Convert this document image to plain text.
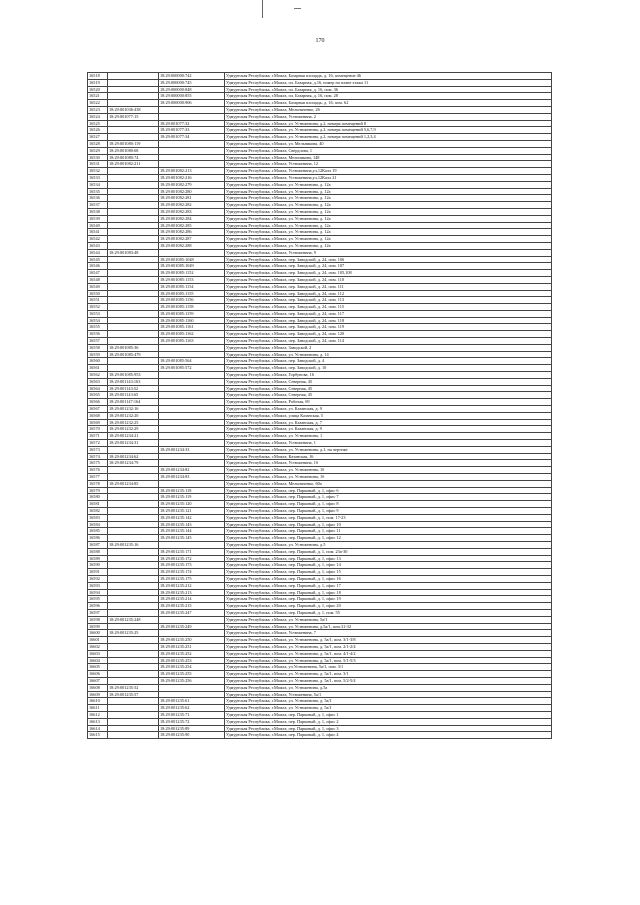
170
16518		18:29:000000:742	Удмуртская Республика, г.Можга, Базарная площадь, д. 16, помещение 46
16519		18:29:000000:745	Удмуртская Республика, г.Можга, пл. Базарная, д.16, номер на плане этажа 11
16520		18:29:000000:848	Удмуртская Республика, г.Можга, пл. Базарная, д. 16, пом. 36
16521		18:29:000000:855	Удмуртская Республика, г.Можга, пл. Базарная, д. 16, пом. 28
16522		18:29:000000:906	Удмуртская Республика, г.Можга, Базарная площадь, д. 16, пом. 62
16523	18:29:001036:438		Удмуртская Республика, г.Можга, Мельниченко, 26
16524	18:29:001077:15		Удмуртская Республика, г.Можга, Устюженина, 2
16525		18:29:001077:32	Удмуртская Республика, г.Можга, ул. Устюженина, д.2, номера помещений 8
16526		18:29:001077:33	Удмуртская Республика, г.Можга, ул. Устюженина, д.2, номера помещений 5,6,7,9
16527		18:29:001077:34	Удмуртская Республика, г.Можга, ул. Устюженина, д.2, номера помещений 1,2,3,4
16528	18:29:001080:119		Удмуртская Республика, г.Можга, ул. Мельникова, 40
16529	18:29:001080:68		Удмуртская Республика, г.Можга, Свердлова, 1
16530	18:29:001080:74		Удмуртская Республика, г.Можга, Мельникова, 148
16531	18:29:001082:211		Удмуртская Республика, г.Можга, Устюженина, 12
16532		18:29:001082:213	Удмуртская Республика, г.Можга, Устюженина,ул,12Калл 19
16533		18:29:001082:216	Удмуртская Республика, г.Можга, Устюженина,ул,12Калл 21
16534		18:29:001082:279	Удмуртская Республика, г.Можга, ул. Устюженина, д. 12а
16535		18:29:001082:280	Удмуртская Республика, г.Можга, ул. Устюженина, д. 12а
16536		18:29:001082:281	Удмуртская Республика, г.Можга, ул. Устюженина, д. 12а
16537		18:29:001082:282	Удмуртская Республика, г.Можга, ул. Устюженина, д. 12а
16538		18:29:001082:283	Удмуртская Республика, г.Можга, ул. Устюженина, д. 12а
16539		18:29:001082:284	Удмуртская Республика, г.Можга, ул. Устюженина, д. 12а
16540		18:29:001082:285	Удмуртская Республика, г.Можга, ул. Устюженина, д. 12а
16541		18:29:001082:286	Удмуртская Республика, г.Можга, ул. Устюженина, д. 12а
16542		18:29:001082:287	Удмуртская Республика, г.Можга, ул. Устюженина, д. 12а
16543		18:29:001082:288	Удмуртская Республика, г.Можга, ул. Устюженина, д. 12а
16544	18:29:001083:48		Удмуртская Республика, г.Можга, Устюженина, 9
16545		18:29:001085:1048	Удмуртская Республика, г.Можга, пер. Заводской, д. 24, пом. 106
16546		18:29:001085:1049	Удмуртская Республика, г.Можга, пер. Заводской, д. 24, пом. 107
16547		18:29:001085:1152	Удмуртская Республика, г.Можга, пер. Заводской, д. 24, пом. 105,108
16548		18:29:001085:1153	Удмуртская Республика, г.Можга, пер. Заводской, д. 24, пом. 110
16549		18:29:001085:1154	Удмуртская Республика, г.Можга, пер. Заводской, д. 24, пом. 111
16550		18:29:001085:1155	Удмуртская Республика, г.Можга, пер. Заводской, д. 24, пом. 112
16551		18:29:001085:1156	Удмуртская Республика, г.Можга, пер. Заводской, д. 24, пом. 113
16552		18:29:001085:1158	Удмуртская Республика, г.Можга, пер. Заводской, д. 24, пом. 115
16553		18:29:001085:1159	Удмуртская Республика, г.Можга, пер. Заводской, д. 24, пом. 117
16554		18:29:001085:1160	Удмуртская Республика, г.Можга, пер. Заводской, д. 24, пом. 118
16555		18:29:001085:1161	Удмуртская Республика, г.Можга, пер. Заводской, д. 24, пом. 119
16556		18:29:001085:1162	Удмуртская Республика, г.Можга, пер. Заводской, д. 24, пом. 120
16557		18:29:001085:1163	Удмуртская Республика, г.Можга, пер. Заводской, д. 24, пом. 114
16558	18:29:001085:36		Удмуртская Республика, г.Можга, Заводской, 2
16559	18:29:001085:479		Удмуртская Республика, г.Можга, ул. Устюженина, д. 14
16560		18:29:001085:564	Удмуртская Республика, г.Можга, пер. Заводской, д. 4
16561		18:29:001085:572	Удмуртская Республика, г.Можга, пер. Заводской, д. 10
16562	18:29:001085:953		Удмуртская Республика, г.Можга, Горбунова, 16
16563	18:29:001143:163		Удмуртская Республика, г.Можга, Северная, 45
16564	18:29:001143:52		Удмуртская Республика, г.Можга, Северная, 45
16565	18:29:001143:65		Удмуртская Республика, г.Можга, Северная, 45
16566	18:29:001147:164		Удмуртская Республика, г.Можга, Рабочая, 69
16567	18:29:001232:16		Удмуртская Республика, г.Можга, ул. Казанская, д. 9
16568	18:29:001232:20		Удмуртская Республика, г.Можга, улица Казанская, 5
16569	18:29:001232:25		Удмуртская Республика, г.Можга, ул. Казанская, д. 7
16570	18:29:001232:29		Удмуртская Республика, г.Можга, ул. Казанская, д. 9
16571	18:29:001234:21		Удмуртская Республика, г.Можга, ул. Устюженина, 1
16572	18:29:001234:31		Удмуртская Республика, г.Можга, Устюженина, 1
16573		18:29:001234:33	Удмуртская Республика, г.Можга, ул. Устюженина, д.1, на чертеже
16574	18:29:001234:62		Удмуртская Республика, г.Можга, Казанская, 16
16575	18:29:001234:79		Удмуртская Республика, г.Можга, Устюженина, 1б
16576		18:29:001234:82	Удмуртская Республика, г.Можга, ул. Устюженина, 1б
16577		18:29:001234:83	Удмуртская Республика, г.Можга, ул. Устюженина, 1б
16578	18:29:001234:85		Удмуртская Республика, г.Можга, Мельниченко, 60а
16579		18:29:001235:118	Удмуртская Республика, г.Можга, пер. Парковый, д. 1, офис 6
16580		18:29:001235:119	Удмуртская Республика, г.Можга, пер. Парковый, д. 1, офис 7
16581		18:29:001235:120	Удмуртская Республика, г.Можга, пер. Парковый, д. 1, офис 8
16582		18:29:001235:121	Удмуртская Республика, г.Можга, пер. Парковый, д. 1, офис 9
16583		18:29:001235:142	Удмуртская Республика, г.Можга, пер. Парковый, д. 1, пом. 17-23
16584		18:29:001235:143	Удмуртская Республика, г.Можга, пер. Парковый, д. 1, офис 10
16585		18:29:001235:144	Удмуртская Республика, г.Можга, пер. Парковый, д. 1, офис 11
16586		18:29:001235:145	Удмуртская Республика, г.Можга, пер. Парковый, д. 1, офис 12
16587	18:29:001235:16		Удмуртская Республика, г.Можга, ул. Устюженина, д.5
16588		18:29:001235:171	Удмуртская Республика, г.Можга, пер. Парковый, д. 1, пом. 23а-30
16589		18:29:001235:172	Удмуртская Республика, г.Можга, пер. Парковый, д. 1, офис 13
16590		18:29:001235:173	Удмуртская Республика, г.Можга, пер. Парковый, д. 1, офис 14
16591		18:29:001235:174	Удмуртская Республика, г.Можга, пер. Парковый, д. 1, офис 15
16592		18:29:001235:175	Удмуртская Республика, г.Можга, пер. Парковый, д. 1, офис 16
16593		18:29:001235:212	Удмуртская Республика, г.Можга, пер. Парковый, д. 1, офис 17
16594		18:29:001235:213	Удмуртская Республика, г.Можга, пер. Парковый, д. 1, офис 18
16595		18:29:001235:214	Удмуртская Республика, г.Можга, пер. Парковый, д. 1, офис 19
16596		18:29:001235:215	Удмуртская Республика, г.Можга, пер. Парковый, д. 1, офис 20
16597		18:29:001235:247	Удмуртская Республика, г.Можга, пер. Парковый, д. 1, пом. 55
16598	18:29:001235:248		Удмуртская Республика, г.Можга, ул. Устюженина, 5а/1
16599		18:29:001235:249	Удмуртская Республика, г.Можга, ул. Устюженина, д.5а/1, пом.31-32
16600	18:29:001235:25		Удмуртская Республика, г.Можга, Устюженина, 7
16601		18:29:001235:250	Удмуртская Республика, г.Можга, ул. Устюженина, д. 5а/1, пом. 3/1-3/8
16602		18:29:001235:251	Удмуртская Республика, г.Можга, ул. Устюженина, д. 5а/1, пом. 2/1-2/4
16603		18:29:001235:252	Удмуртская Республика, г.Можга, ул. Устюженина, д. 5а/1, пом. 4/1-4/2
16604		18:29:001235:253	Удмуртская Республика, г.Можга, ул. Устюженина, д. 5а/1, пом. 5/1-5/3
16605		18:29:001235:254	Удмуртская Республика, г.Можга, ул.Устюженина, 5а/1, пом. 3/1
16606		18:29:001235:255	Удмуртская Республика, г.Можга, ул. Устюженина, д. 5а/1, пом. 3/1
16607		18:29:001235:256	Удмуртская Республика, г.Можга, ул. Устюженина, д. 5а/1, пом. 5/2-5/4
16608	18:29:001235:52		Удмуртская Республика, г.Можга, ул. Устюженина, д.5а
16609	18:29:001235:57		Удмуртская Республика, г.Можга, Устюженина, 5а/1
16610		18:29:001235:61	Удмуртская Республика, г.Можга, ул. Устюженина, д. 5а/1
16611		18:29:001235:62	Удмуртская Республика, г.Можга, ул. Устюженина, д. 5а/1
16612		18:29:001235:71	Удмуртская Республика, г.Можга, пер. Парковый, д. 1, офис 1
16613		18:29:001235:72	Удмуртская Республика, г.Можга, пер. Парковый, д. 1, офис 2
16614		18:29:001235:89	Удмуртская Республика, г.Можга, пер. Парковый, д. 1, офис 3
16615		18:29:001235:90	Удмуртская Республика, г.Можга, пер. Парковый, д. 1, офис 4
